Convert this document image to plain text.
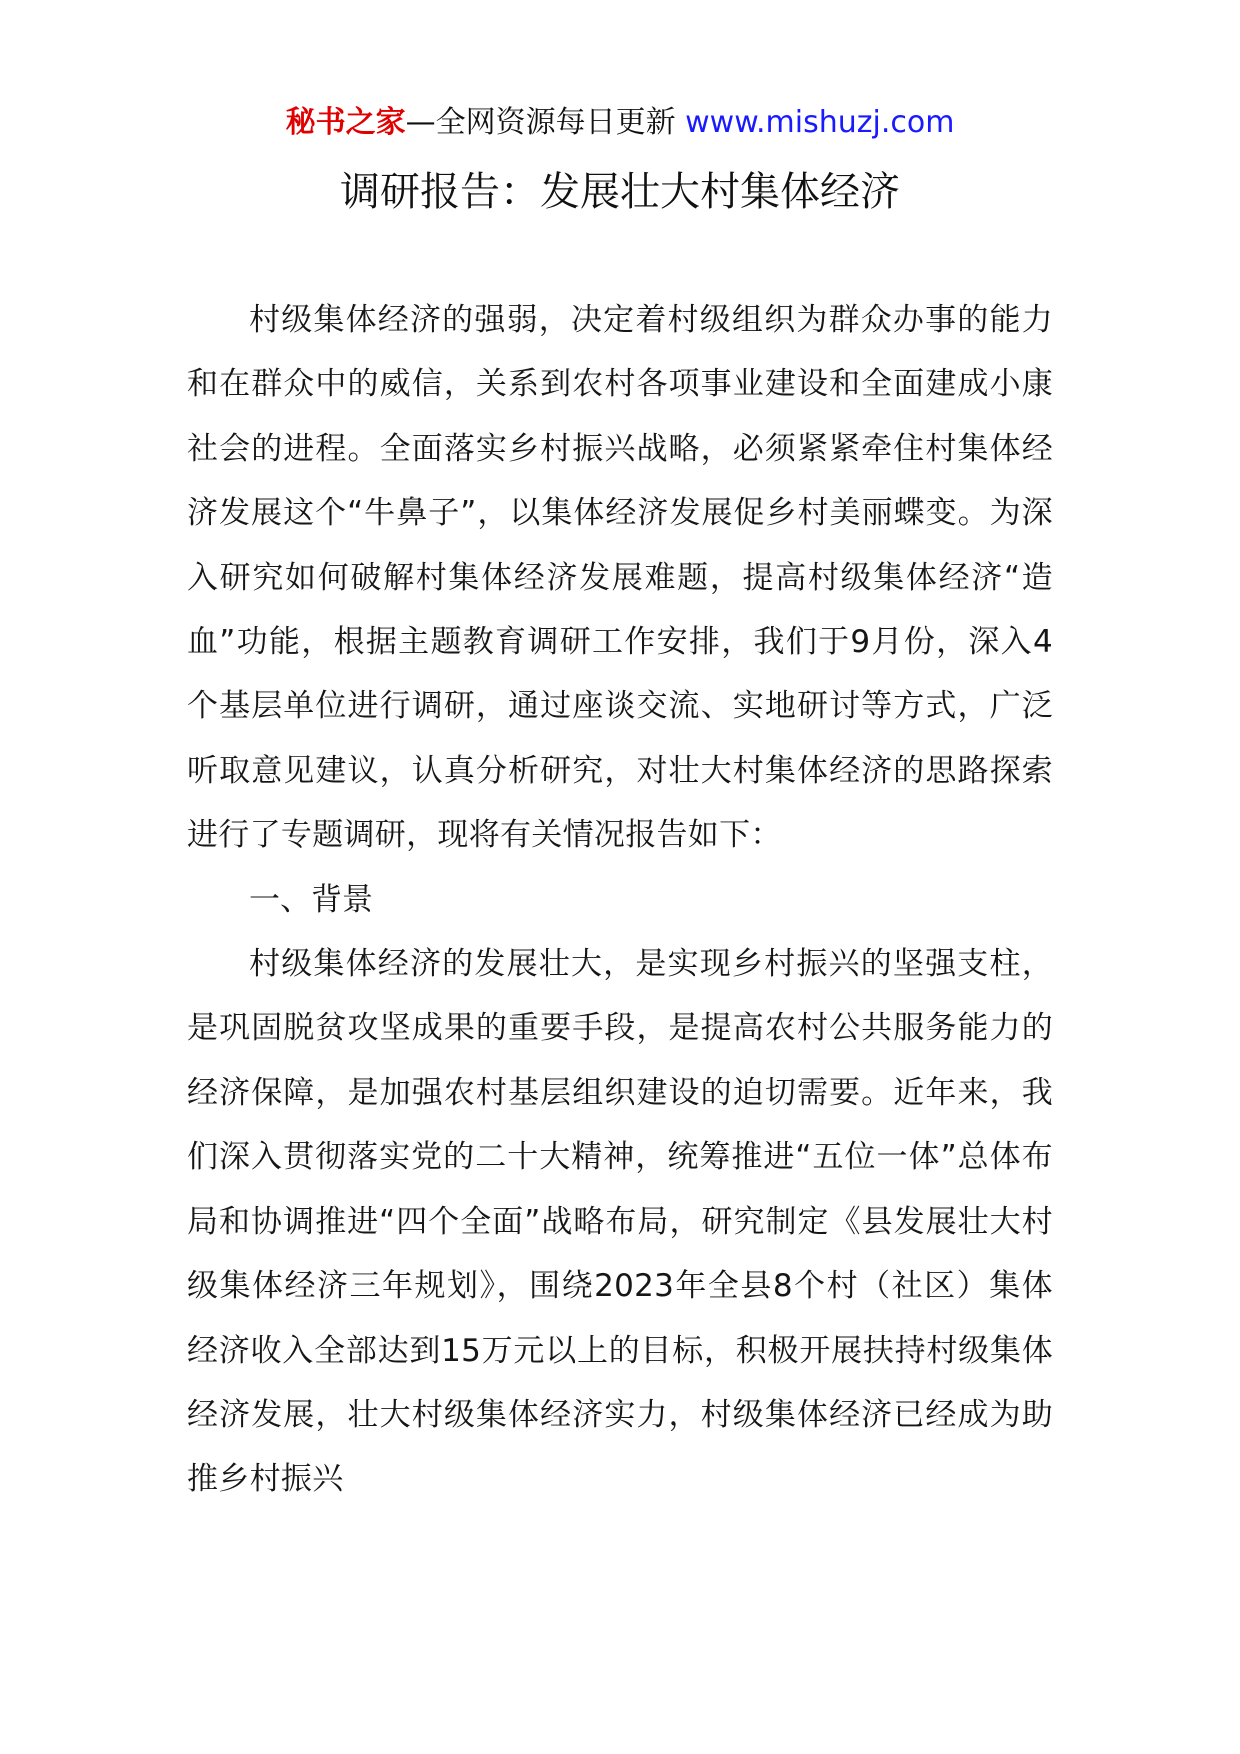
秘书之家—全网资源每日更新 www.mishuzj.com
调研报告：发展壮大村集体经济

村级集体经济的强弱，决定着村级组织为群众办事的能力和在群众中的威信，关系到农村各项事业建设和全面建成小康社会的进程。全面落实乡村振兴战略，必须紧紧牵住村集体经济发展这个“牛鼻子”，以集体经济发展促乡村美丽蝶变。为深入研究如何破解村集体经济发展难题，提高村级集体经济“造血”功能，根据主题教育调研工作安排，我们于9月份，深入4个基层单位进行调研，通过座谈交流、实地研讨等方式，广泛听取意见建议，认真分析研究，对壮大村集体经济的思路探索进行了专题调研，现将有关情况报告如下：

一、背景

村级集体经济的发展壮大，是实现乡村振兴的坚强支柱，是巩固脱贫攻坚成果的重要手段，是提高农村公共服务能力的经济保障，是加强农村基层组织建设的迫切需要。近年来，我们深入贯彻落实党的二十大精神，统筹推进“五位一体”总体布局和协调推进“四个全面”战略布局，研究制定《县发展壮大村级集体经济三年规划》，围绕2023年全县8个村（社区）集体经济收入全部达到15万元以上的目标，积极开展扶持村级集体经济发展，壮大村级集体经济实力，村级集体经济已经成为助推乡村振兴
